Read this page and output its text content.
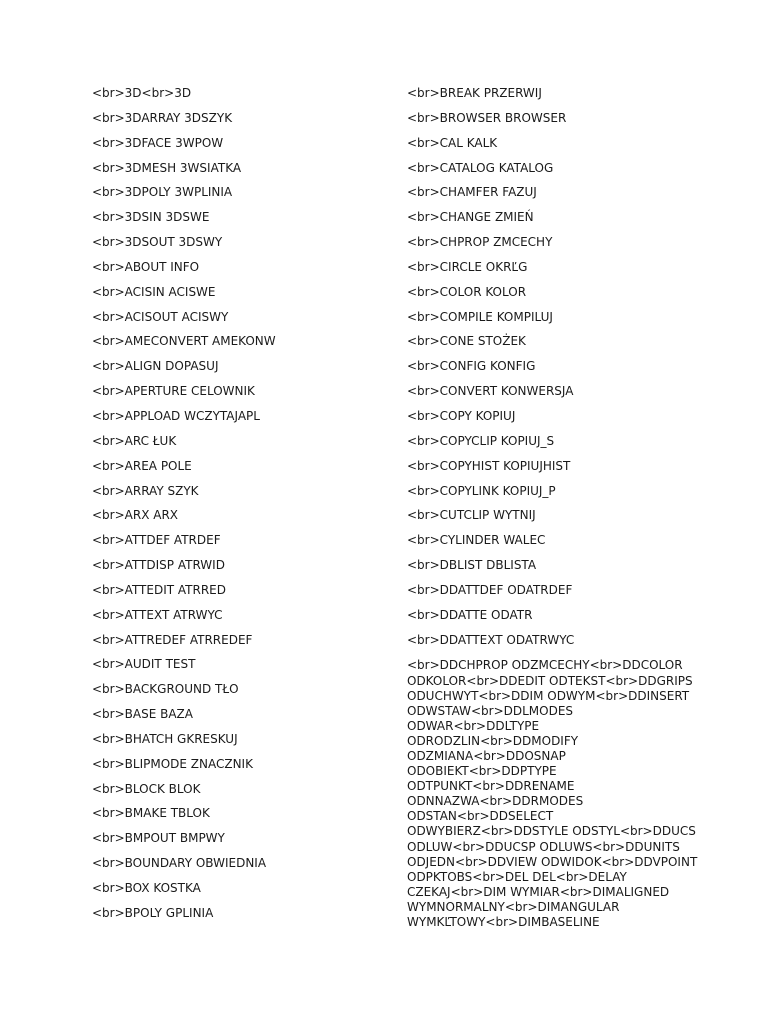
<br>3D<br>3D
<br>3DARRAY 3DSZYK
<br>3DFACE 3WPOW
<br>3DMESH 3WSIATKA
<br>3DPOLY 3WPLINIA
<br>3DSIN 3DSWE
<br>3DSOUT 3DSWY
<br>ABOUT INFO
<br>ACISIN ACISWE
<br>ACISOUT ACISWY
<br>AMECONVERT AMEKONW
<br>ALIGN DOPASUJ
<br>APERTURE CELOWNIK
<br>APPLOAD WCZYTAJAPL
<br>ARC ŁUK
<br>AREA POLE
<br>ARRAY SZYK
<br>ARX ARX
<br>ATTDEF ATRDEF
<br>ATTDISP ATRWID
<br>ATTEDIT ATRRED
<br>ATTEXT ATRWYC
<br>ATTREDEF ATRREDEF
<br>AUDIT TEST
<br>BACKGROUND TŁO
<br>BASE BAZA
<br>BHATCH GKRESKUJ
<br>BLIPMODE ZNACZNIK
<br>BLOCK BLOK
<br>BMAKE TBLOK
<br>BMPOUT BMPWY
<br>BOUNDARY OBWIEDNIA
<br>BOX KOSTKA
<br>BPOLY GPLINIA
<br>BREAK PRZERWIJ
<br>BROWSER BROWSER
<br>CAL KALK
<br>CATALOG KATALOG
<br>CHAMFER FAZUJ
<br>CHANGE ZMIEŃ
<br>CHPROP ZMCECHY
<br>CIRCLE OKRĽG
<br>COLOR KOLOR
<br>COMPILE KOMPILUJ
<br>CONE STOŻEK
<br>CONFIG KONFIG
<br>CONVERT KONWERSJA
<br>COPY KOPIUJ
<br>COPYCLIP KOPIUJ_S
<br>COPYHIST KOPIUJHIST
<br>COPYLINK KOPIUJ_P
<br>CUTCLIP WYTNIJ
<br>CYLINDER WALEC
<br>DBLIST DBLISTA
<br>DDATTDEF ODATRDEF
<br>DDATTE ODATR
<br>DDATTEXT ODATRWYC
<br>DDCHPROP ODZMCECHY<br>DDCOLOR
ODKOLOR<br>DDEDIT ODTEKST<br>DDGRIPS
ODUCHWYT<br>DDIM ODWYM<br>DDINSERT
ODWSTAW<br>DDLMODES
ODWAR<br>DDLTYPE
ODRODZLIN<br>DDMODIFY
ODZMIANA<br>DDOSNAP
ODOBIEKT<br>DDPTYPE
ODTPUNKT<br>DDRENAME
ODNNAZWA<br>DDRMODES
ODSTAN<br>DDSELECT
ODWYBIERZ<br>DDSTYLE ODSTYL<br>DDUCS
ODLUW<br>DDUCSP ODLUWS<br>DDUNITS
ODJEDN<br>DDVIEW ODWIDOK<br>DDVPOINT
ODPKTOBS<br>DEL DEL<br>DELAY
CZEKAJ<br>DIM WYMIAR<br>DIMALIGNED
WYMNORMALNY<br>DIMANGULAR
WYMKĽTOWY<br>DIMBASELINE
